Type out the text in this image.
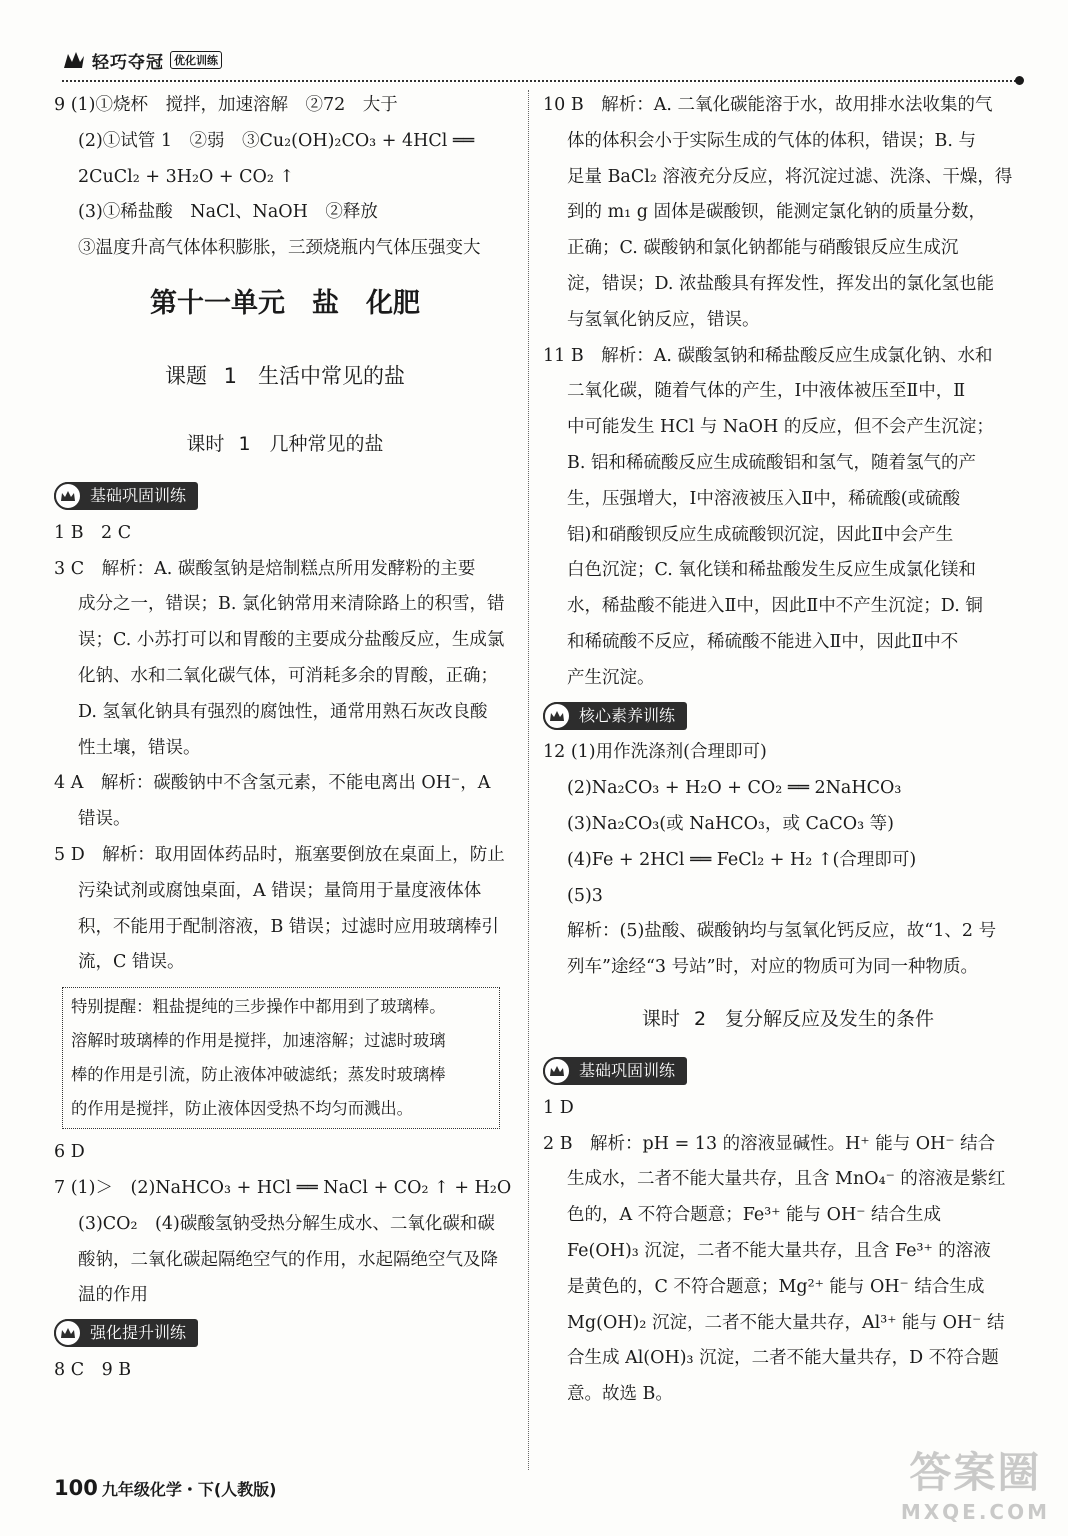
轻巧夺冠 优化训练
9 (1)①烧杯　搅拌，加速溶解　②72　大于
(2)①试管 1　②弱　③Cu₂(OH)₂CO₃ + 4HCl ══
2CuCl₂ + 3H₂O + CO₂ ↑
(3)①稀盐酸　NaCl、NaOH　②释放
③温度升高气体体积膨胀，三颈烧瓶内气体压强变大
第十一单元　盐　化肥
课题 1　生活中常见的盐
课时 1　几种常见的盐
基础巩固训练
1 B　2 C
3 C　解析：A. 碳酸氢钠是焙制糕点所用发酵粉的主要
成分之一，错误；B. 氯化钠常用来清除路上的积雪，错
误；C. 小苏打可以和胃酸的主要成分盐酸反应，生成氯
化钠、水和二氧化碳气体，可消耗多余的胃酸，正确；
D. 氢氧化钠具有强烈的腐蚀性，通常用熟石灰改良酸
性土壤，错误。
4 A　解析：碳酸钠中不含氢元素，不能电离出 OH⁻，A
错误。
5 D　解析：取用固体药品时，瓶塞要倒放在桌面上，防止
污染试剂或腐蚀桌面，A 错误；量筒用于量度液体体
积，不能用于配制溶液，B 错误；过滤时应用玻璃棒引
流，C 错误。
特别提醒：粗盐提纯的三步操作中都用到了玻璃棒。
溶解时玻璃棒的作用是搅拌，加速溶解；过滤时玻璃
棒的作用是引流，防止液体冲破滤纸；蒸发时玻璃棒
的作用是搅拌，防止液体因受热不均匀而溅出。
6 D
7 (1)＞　(2)NaHCO₃ + HCl ══ NaCl + CO₂ ↑ + H₂O
(3)CO₂　(4)碳酸氢钠受热分解生成水、二氧化碳和碳
酸钠，二氧化碳起隔绝空气的作用，水起隔绝空气及降
温的作用
强化提升训练
8 C　9 B
10 B　解析：A. 二氧化碳能溶于水，故用排水法收集的气
体的体积会小于实际生成的气体的体积，错误；B. 与
足量 BaCl₂ 溶液充分反应，将沉淀过滤、洗涤、干燥，得
到的 m₁ g 固体是碳酸钡，能测定氯化钠的质量分数，
正确；C. 碳酸钠和氯化钠都能与硝酸银反应生成沉
淀，错误；D. 浓盐酸具有挥发性，挥发出的氯化氢也能
与氢氧化钠反应，错误。
11 B　解析：A. 碳酸氢钠和稀盐酸反应生成氯化钠、水和
二氧化碳，随着气体的产生，Ⅰ中液体被压至Ⅱ中，Ⅱ
中可能发生 HCl 与 NaOH 的反应，但不会产生沉淀；
B. 铝和稀硫酸反应生成硫酸铝和氢气，随着氢气的产
生，压强增大，Ⅰ中溶液被压入Ⅱ中，稀硫酸(或硫酸
铝)和硝酸钡反应生成硫酸钡沉淀，因此Ⅱ中会产生
白色沉淀；C. 氧化镁和稀盐酸发生反应生成氯化镁和
水，稀盐酸不能进入Ⅱ中，因此Ⅱ中不产生沉淀；D. 铜
和稀硫酸不反应，稀硫酸不能进入Ⅱ中，因此Ⅱ中不
产生沉淀。
核心素养训练
12 (1)用作洗涤剂(合理即可)
(2)Na₂CO₃ + H₂O + CO₂ ══ 2NaHCO₃
(3)Na₂CO₃(或 NaHCO₃，或 CaCO₃ 等)
(4)Fe + 2HCl ══ FeCl₂ + H₂ ↑(合理即可)
(5)3
解析：(5)盐酸、碳酸钠均与氢氧化钙反应，故“1、2 号
列车”途经“3 号站”时，对应的物质可为同一种物质。
课时 2　复分解反应及发生的条件
基础巩固训练
1 D
2 B　解析：pH = 13 的溶液显碱性。H⁺ 能与 OH⁻ 结合
生成水，二者不能大量共存，且含 MnO₄⁻ 的溶液是紫红
色的，A 不符合题意；Fe³⁺ 能与 OH⁻ 结合生成
Fe(OH)₃ 沉淀，二者不能大量共存，且含 Fe³⁺ 的溶液
是黄色的，C 不符合题意；Mg²⁺ 能与 OH⁻ 结合生成
Mg(OH)₂ 沉淀，二者不能大量共存，Al³⁺ 能与 OH⁻ 结
合生成 Al(OH)₃ 沉淀，二者不能大量共存，D 不符合题
意。故选 B。
100 九年级化学・下(人教版)	答案圈
MXQE.COM
